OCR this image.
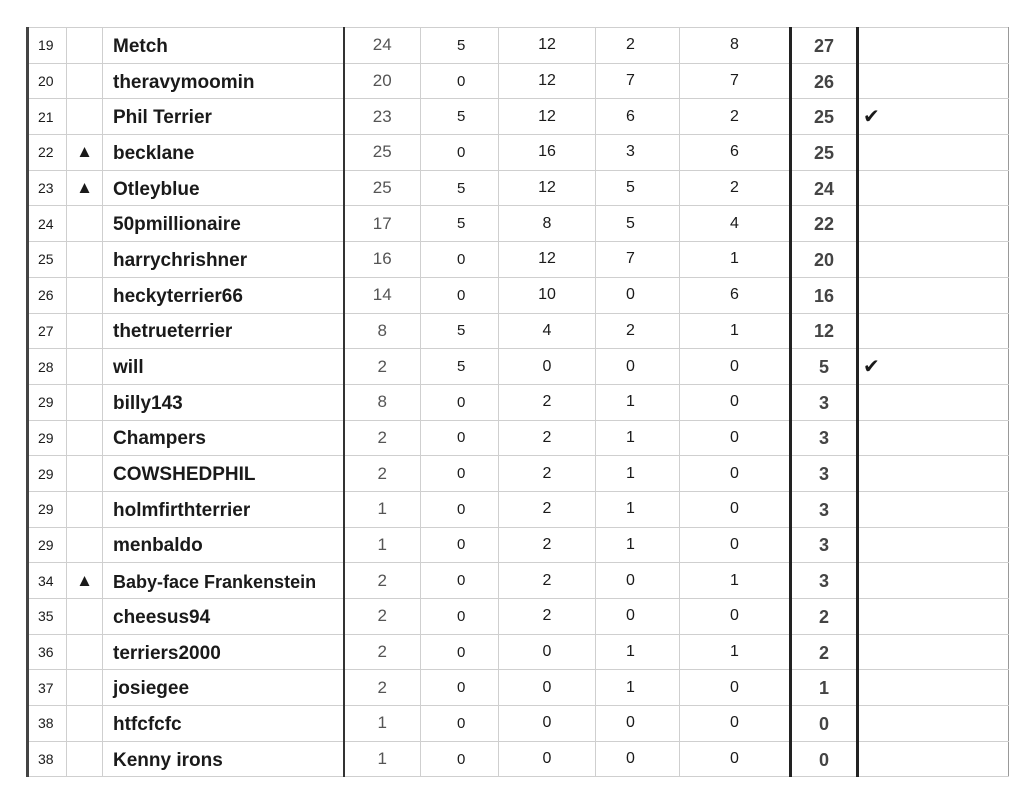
19		Metch	24	5	12	2	8	27	
20		theravymoomin	20	0	12	7	7	26	
21		Phil Terrier	23	5	12	6	2	25	✔
22	▲	becklane	25	0	16	3	6	25	
23	▲	Otleyblue	25	5	12	5	2	24	
24		50pmillionaire	17	5	8	5	4	22	
25		harrychrishner	16	0	12	7	1	20	
26		heckyterrier66	14	0	10	0	6	16	
27		thetrueterrier	8	5	4	2	1	12	
28		will	2	5	0	0	0	5	✔
29		billy143	8	0	2	1	0	3	
29		Champers	2	0	2	1	0	3	
29		COWSHEDPHIL	2	0	2	1	0	3	
29		holmfirthterrier	1	0	2	1	0	3	
29		menbaldo	1	0	2	1	0	3	
34	▲	Baby-face Frankenstein	2	0	2	0	1	3	
35		cheesus94	2	0	2	0	0	2	
36		terriers2000	2	0	0	1	1	2	
37		josiegee	2	0	0	1	0	1	
38		htfcfcfc	1	0	0	0	0	0	
38		Kenny irons	1	0	0	0	0	0	
